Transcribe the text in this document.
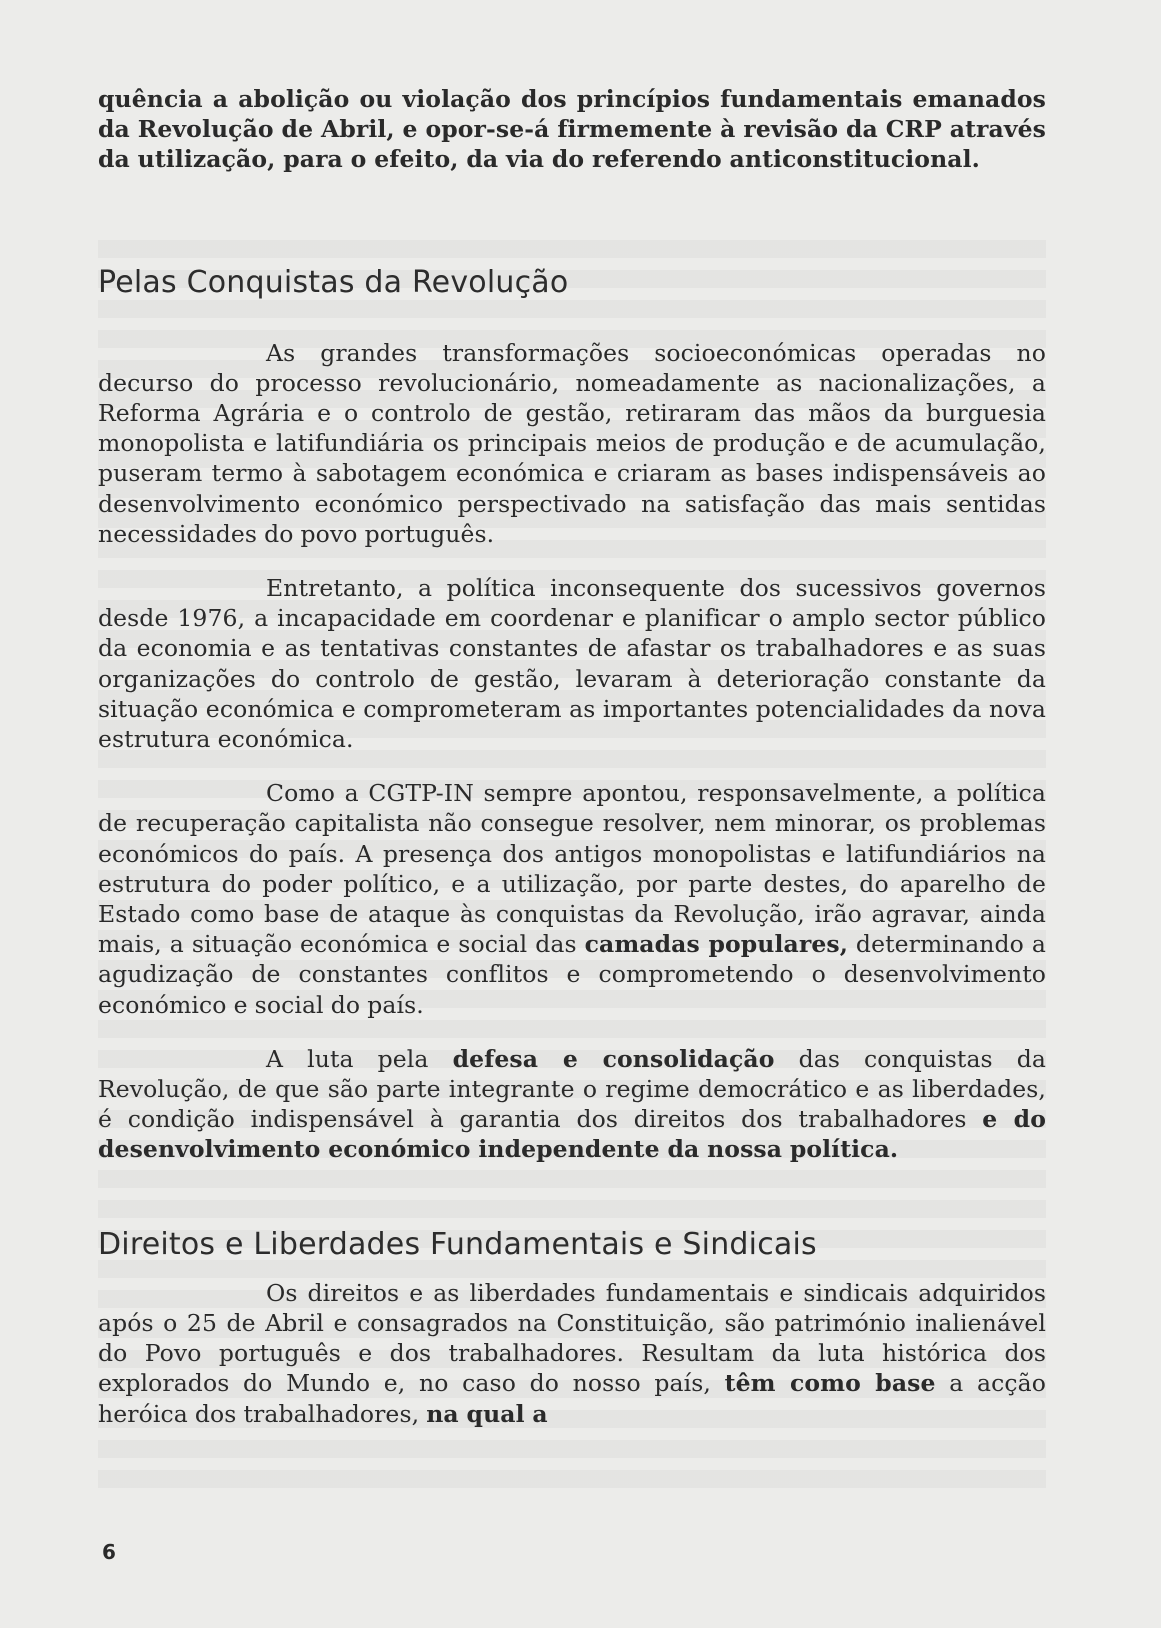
quência a abolição ou violação dos princípios fundamentais emanados da Revolução de Abril, e opor-se-á firmemente à revisão da CRP através da utilização, para o efeito, da via do referendo anticonstitucional.

Pelas Conquistas da Revolução

As grandes transformações socioeconómicas operadas no decurso do processo revolucionário, nomeadamente as nacionalizações, a Reforma Agrária e o controlo de gestão, retiraram das mãos da burguesia monopolista e latifundiária os principais meios de produção e de acumulação, puseram termo à sabotagem económica e criaram as bases indispensáveis ao desenvolvimento económico perspectivado na satisfação das mais sentidas necessidades do povo português.

Entretanto, a política inconsequente dos sucessivos governos desde 1976, a incapacidade em coordenar e planificar o amplo sector público da economia e as tentativas constantes de afastar os trabalhadores e as suas organizações do controlo de gestão, levaram à deterioração constante da situação económica e comprometeram as importantes potencialidades da nova estrutura económica.

Como a CGTP-IN sempre apontou, responsavelmente, a política de recuperação capitalista não consegue resolver, nem minorar, os problemas económicos do país. A presença dos antigos monopolistas e latifundiários na estrutura do poder político, e a utilização, por parte destes, do aparelho de Estado como base de ataque às conquistas da Revolução, irão agravar, ainda mais, a situação económica e social das camadas populares, determinando a agudização de constantes conflitos e comprometendo o desenvolvimento económico e social do país.

A luta pela defesa e consolidação das conquistas da Revolução, de que são parte integrante o regime democrático e as liberdades, é condição indispensável à garantia dos direitos dos trabalhadores e do desenvolvimento económico independente da nossa política.

Direitos e Liberdades Fundamentais e Sindicais

Os direitos e as liberdades fundamentais e sindicais adquiridos após o 25 de Abril e consagrados na Constituição, são património inalienável do Povo português e dos trabalhadores. Resultam da luta histórica dos explorados do Mundo e, no caso do nosso país, têm como base a acção heróica dos trabalhadores, na qual a

6
